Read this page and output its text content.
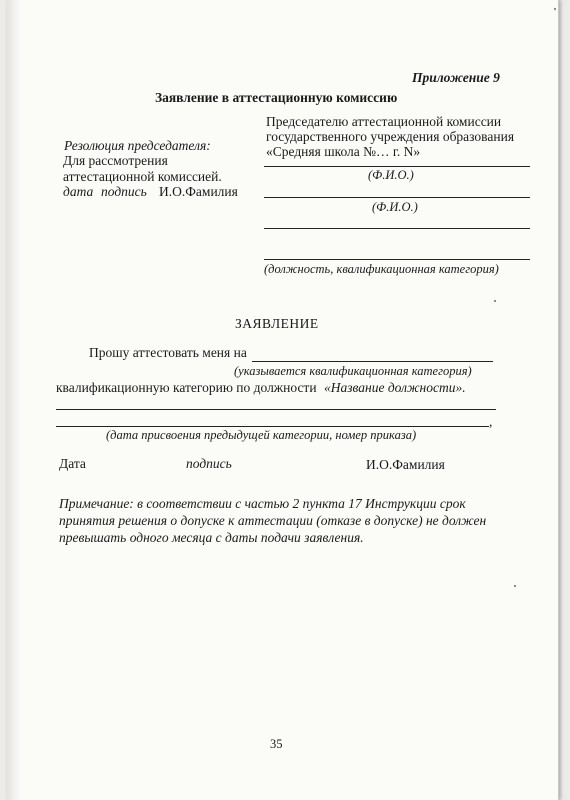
Приложение 9
Заявление в аттестационную комиссию
Председателю аттестационной комиссии
государственного учреждения образования
«Средняя школа №… г. N»
(Ф.И.О.)
(Ф.И.О.)
(должность, квалификационная категория)
Резолюция председателя:
Для рассмотрения
аттестационной комиссией.
дата подпись И.О.Фамилия
ЗАЯВЛЕНИЕ
Прошу аттестовать меня на
(указывается квалификационная категория)
квалификационную категорию по должности «Название должности».
,
(дата присвоения предыдущей категории, номер приказа)
Дата	подпись	И.О.Фамилия
Примечание: в соответствии с частью 2 пункта 17 Инструкции срок
принятия решения о допуске к аттестации (отказе в допуске) не должен
превышать одного месяца с даты подачи заявления.
35
